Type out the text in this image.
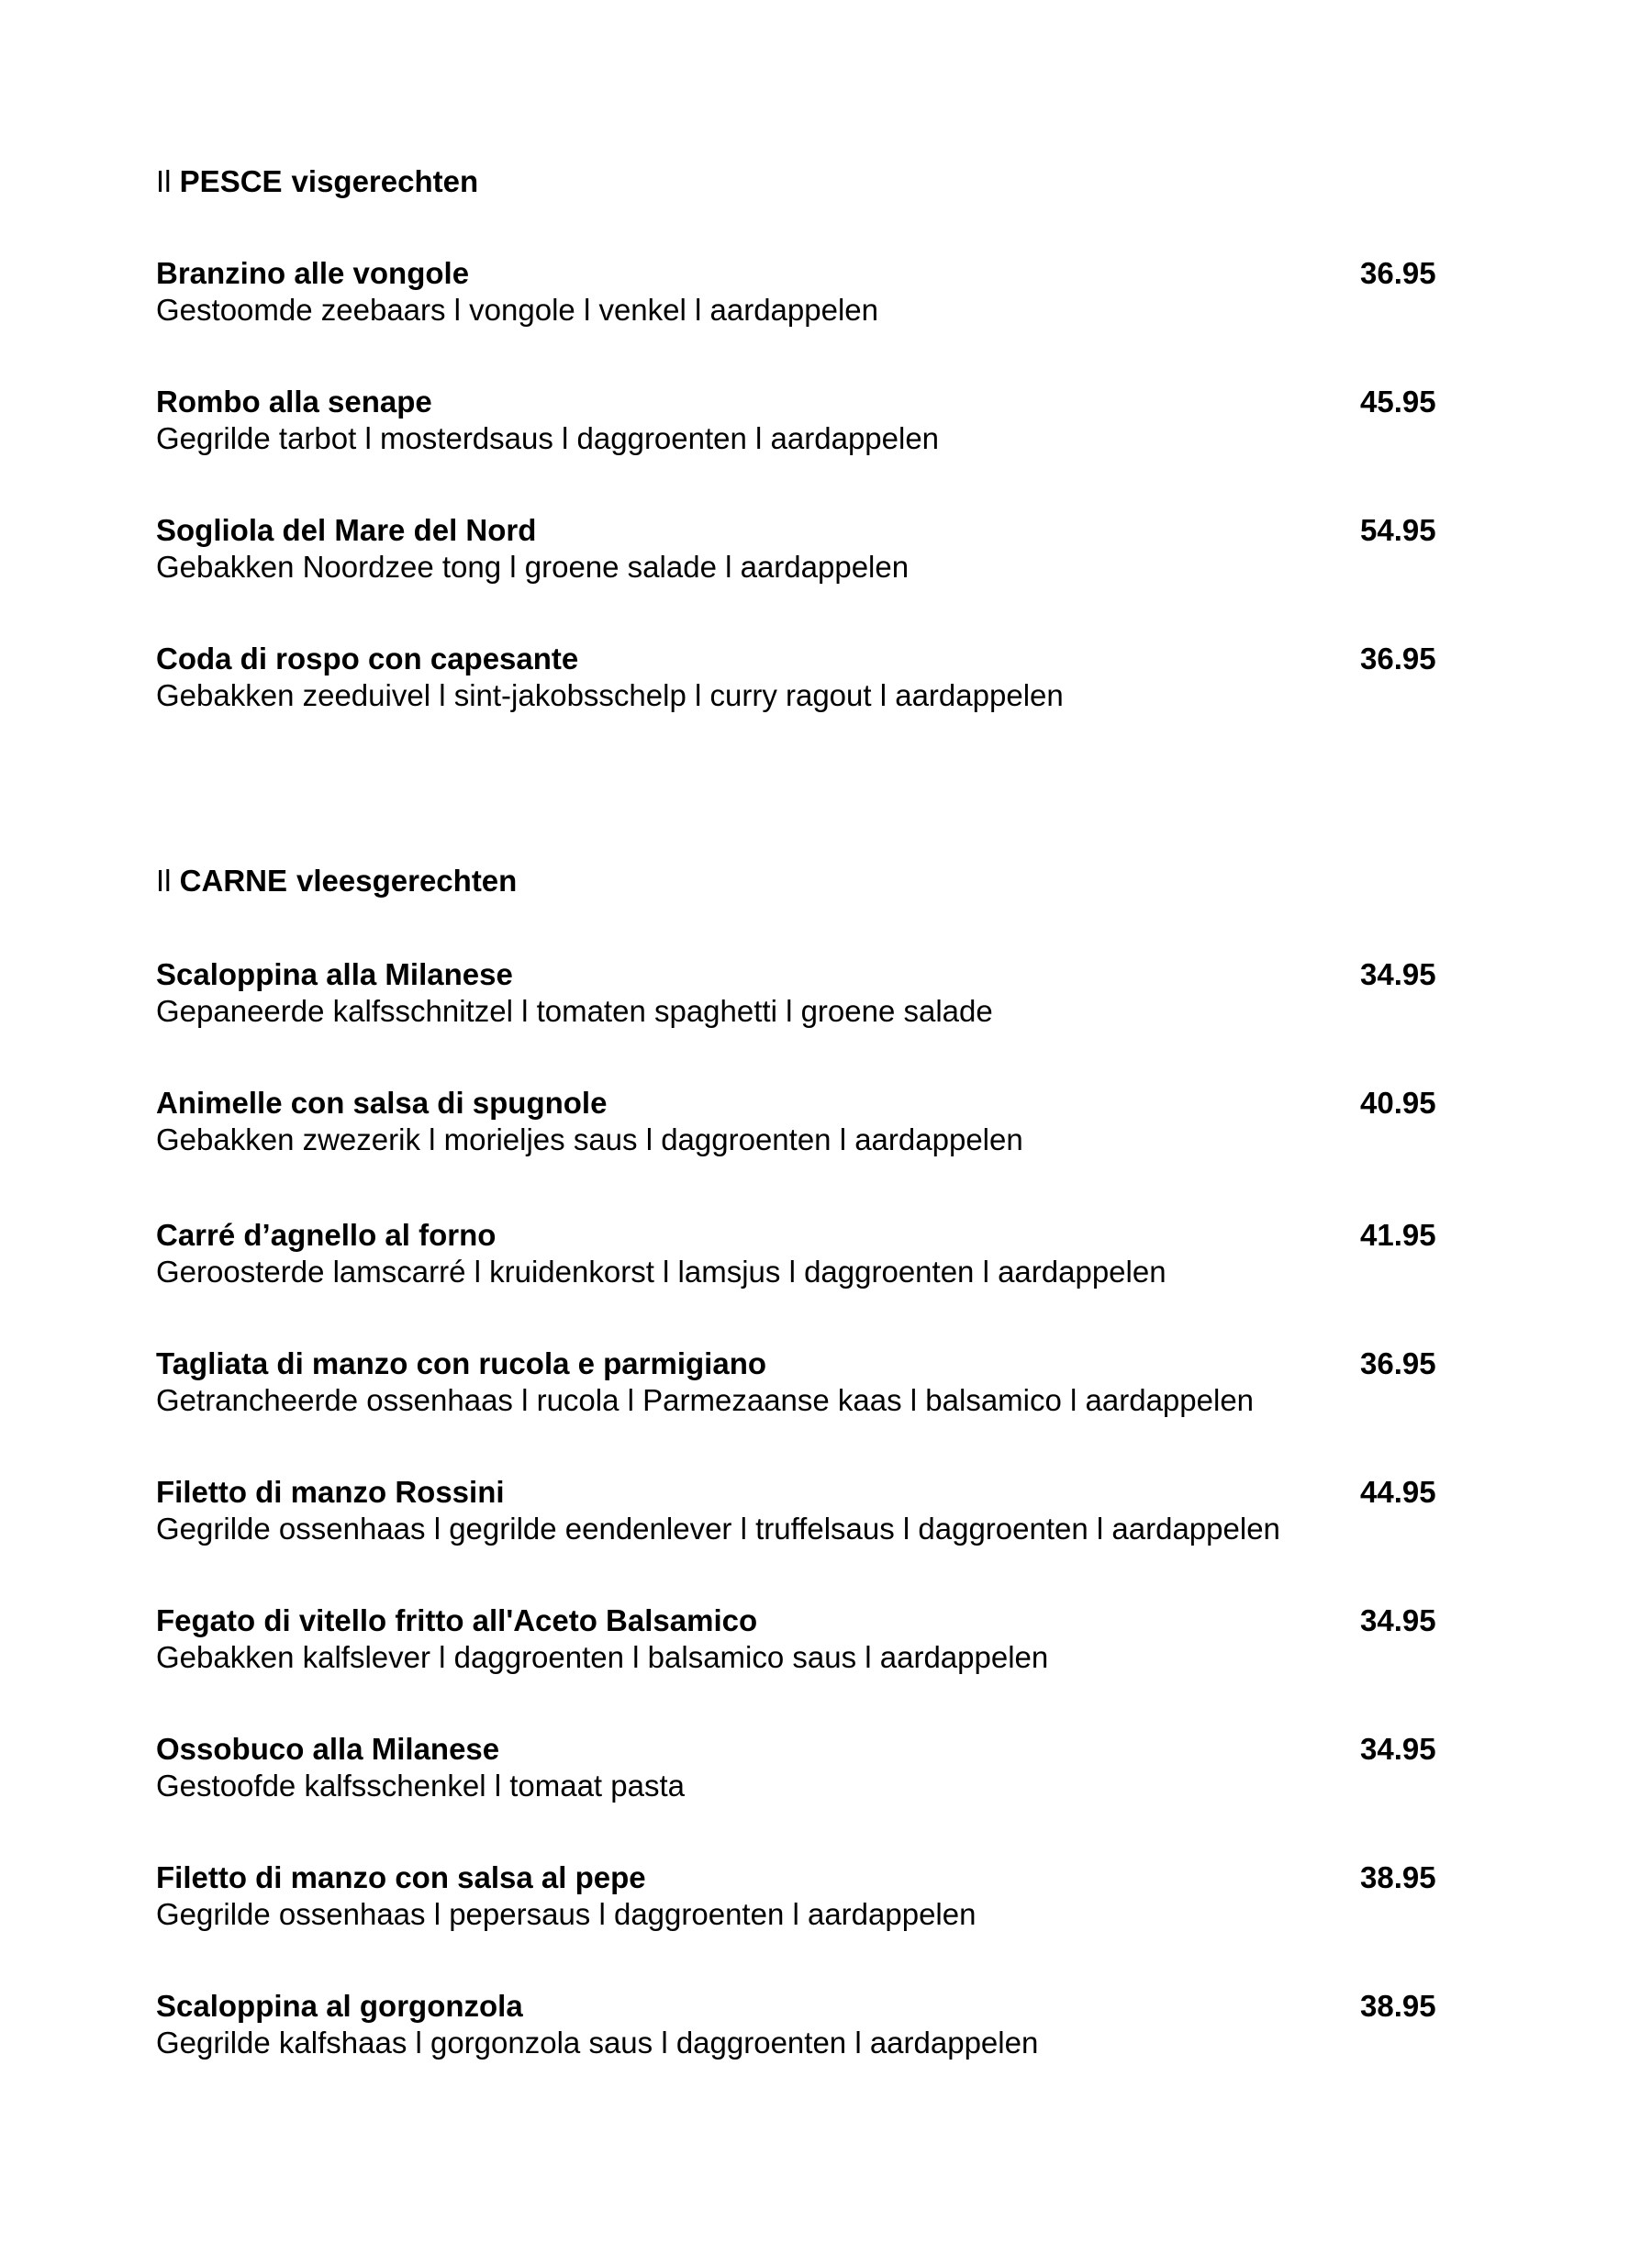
Il PESCE visgerechten
Branzino alle vongole	36.95
Gestoomde zeebaars l vongole l venkel l aardappelen
Rombo alla senape	45.95
Gegrilde tarbot l mosterdsaus l daggroenten l aardappelen
Sogliola del Mare del Nord	54.95
Gebakken Noordzee tong l groene salade l aardappelen
Coda di rospo con capesante	36.95
Gebakken zeeduivel l sint-jakobsschelp l curry ragout l aardappelen
Il CARNE vleesgerechten
Scaloppina alla Milanese	34.95
Gepaneerde kalfsschnitzel l tomaten spaghetti l groene salade
Animelle con salsa di spugnole	40.95
Gebakken zwezerik l morieljes saus l daggroenten l aardappelen
Carré d’agnello al forno	41.95
Geroosterde lamscarré l kruidenkorst l lamsjus l daggroenten l aardappelen
Tagliata di manzo con rucola e parmigiano	36.95
Getrancheerde ossenhaas l rucola l Parmezaanse kaas l balsamico l aardappelen
Filetto di manzo Rossini	44.95
Gegrilde ossenhaas l gegrilde eendenlever l truffelsaus l daggroenten l aardappelen
Fegato di vitello fritto all'Aceto Balsamico	34.95
Gebakken kalfslever l daggroenten l balsamico saus l aardappelen
Ossobuco alla Milanese	34.95
Gestoofde kalfsschenkel l tomaat pasta
Filetto di manzo con salsa al pepe	38.95
Gegrilde ossenhaas l pepersaus l daggroenten l aardappelen
Scaloppina al gorgonzola	38.95
Gegrilde kalfshaas l gorgonzola saus l daggroenten l aardappelen
